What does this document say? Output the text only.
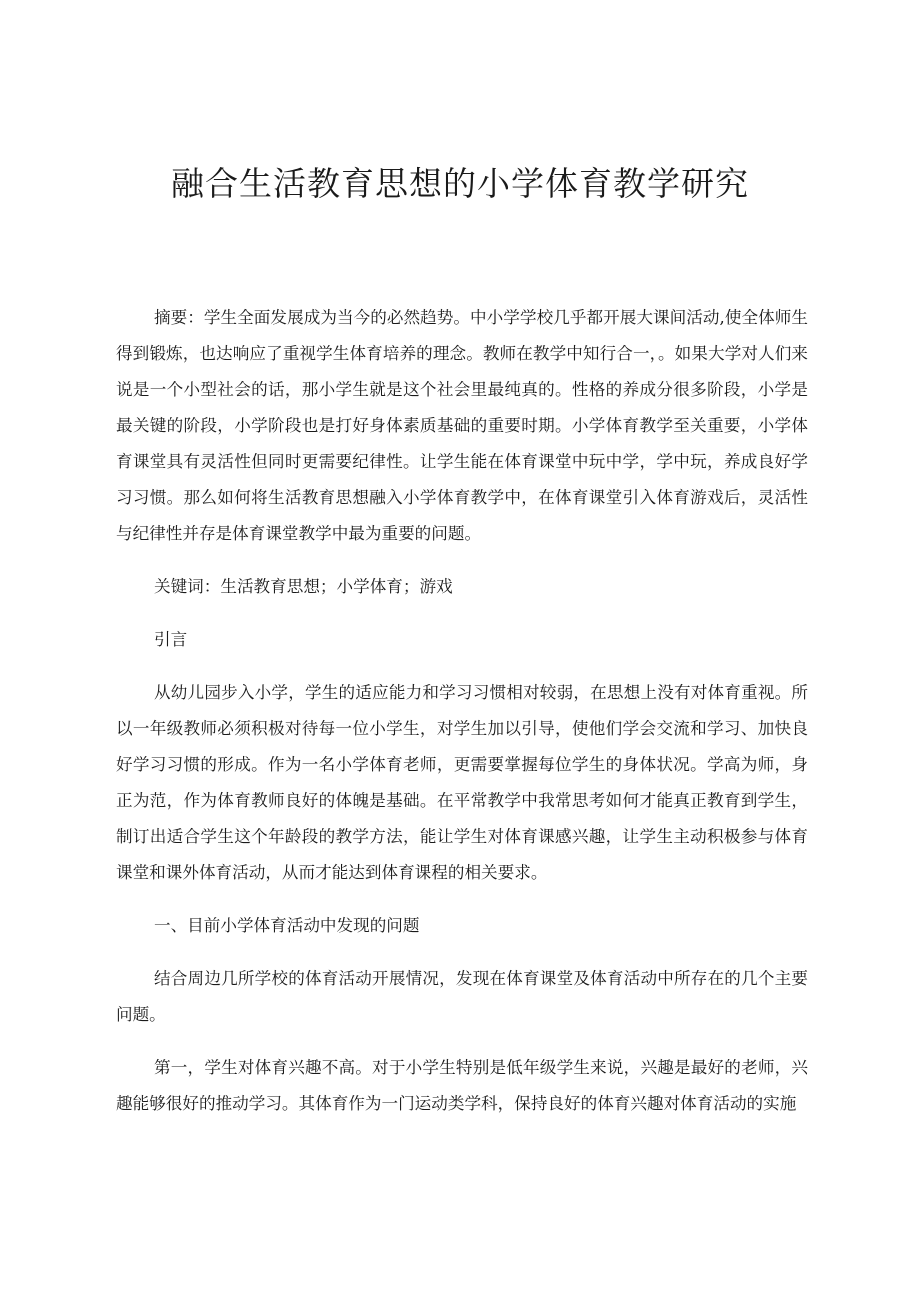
融合生活教育思想的小学体育教学研究

摘要：学生全面发展成为当今的必然趋势。中小学学校几乎都开展大课间活动,使全体师生得到锻炼，也达响应了重视学生体育培养的理念。教师在教学中知行合一，。如果大学对人们来说是一个小型社会的话，那小学生就是这个社会里最纯真的。性格的养成分很多阶段，小学是最关键的阶段，小学阶段也是打好身体素质基础的重要时期。小学体育教学至关重要，小学体育课堂具有灵活性但同时更需要纪律性。让学生能在体育课堂中玩中学，学中玩，养成良好学习习惯。那么如何将生活教育思想融入小学体育教学中，在体育课堂引入体育游戏后，灵活性与纪律性并存是体育课堂教学中最为重要的问题。

关键词：生活教育思想；小学体育；游戏

引言

从幼儿园步入小学，学生的适应能力和学习习惯相对较弱，在思想上没有对体育重视。所以一年级教师必须积极对待每一位小学生，对学生加以引导，使他们学会交流和学习、加快良好学习习惯的形成。作为一名小学体育老师，更需要掌握每位学生的身体状况。学高为师，身正为范，作为体育教师良好的体魄是基础。在平常教学中我常思考如何才能真正教育到学生，制订出适合学生这个年龄段的教学方法，能让学生对体育课感兴趣，让学生主动积极参与体育课堂和课外体育活动，从而才能达到体育课程的相关要求。

一、目前小学体育活动中发现的问题

结合周边几所学校的体育活动开展情况，发现在体育课堂及体育活动中所存在的几个主要问题。

第一，学生对体育兴趣不高。对于小学生特别是低年级学生来说，兴趣是最好的老师，兴趣能够很好的推动学习。其体育作为一门运动类学科，保持良好的体育兴趣对体育活动的实施
